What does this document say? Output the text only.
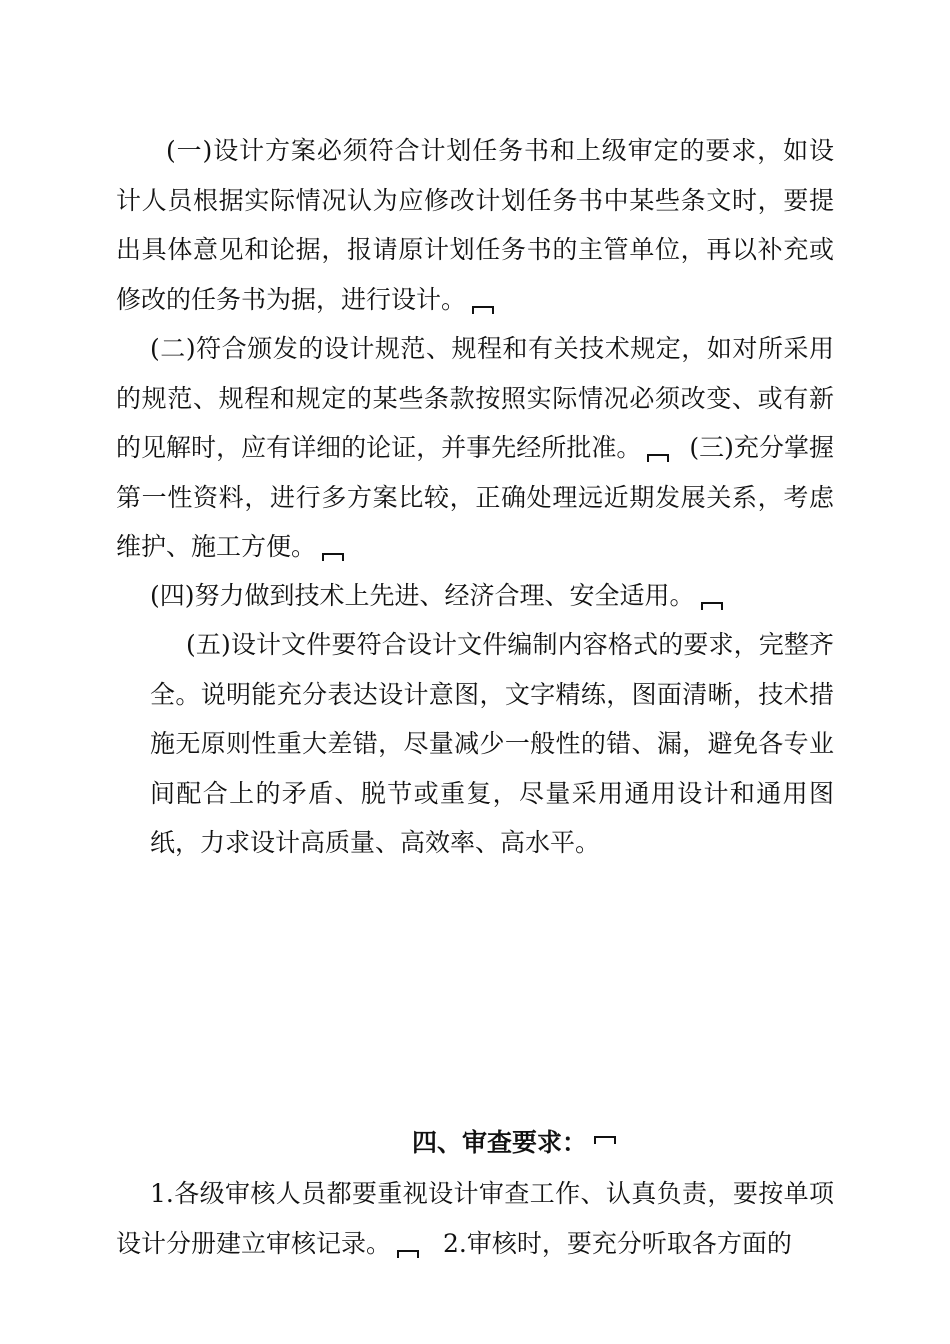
(一)设计方案必须符合计划任务书和上级审定的要求，如设计人员根据实际情况认为应修改计划任务书中某些条文时，要提出具体意见和论据，报请原计划任务书的主管单位，再以补充或修改的任务书为据，进行设计。

(二)符合颁发的设计规范、规程和有关技术规定，如对所采用的规范、规程和规定的某些条款按照实际情况必须改变、或有新的见解时，应有详细的论证，并事先经所批准。 (三)充分掌握第一性资料，进行多方案比较，正确处理远近期发展关系，考虑维护、施工方便。

(四)努力做到技术上先进、经济合理、安全适用。

(五)设计文件要符合设计文件编制内容格式的要求，完整齐全。说明能充分表达设计意图，文字精练，图面清晰，技术措施无原则性重大差错，尽量减少一般性的错、漏，避免各专业间配合上的矛盾、脱节或重复，尽量采用通用设计和通用图纸，力求设计高质量、高效率、高水平。

四、审查要求：

1.各级审核人员都要重视设计审查工作、认真负责，要按单项设计分册建立审核记录。 2.审核时，要充分听取各方面的
